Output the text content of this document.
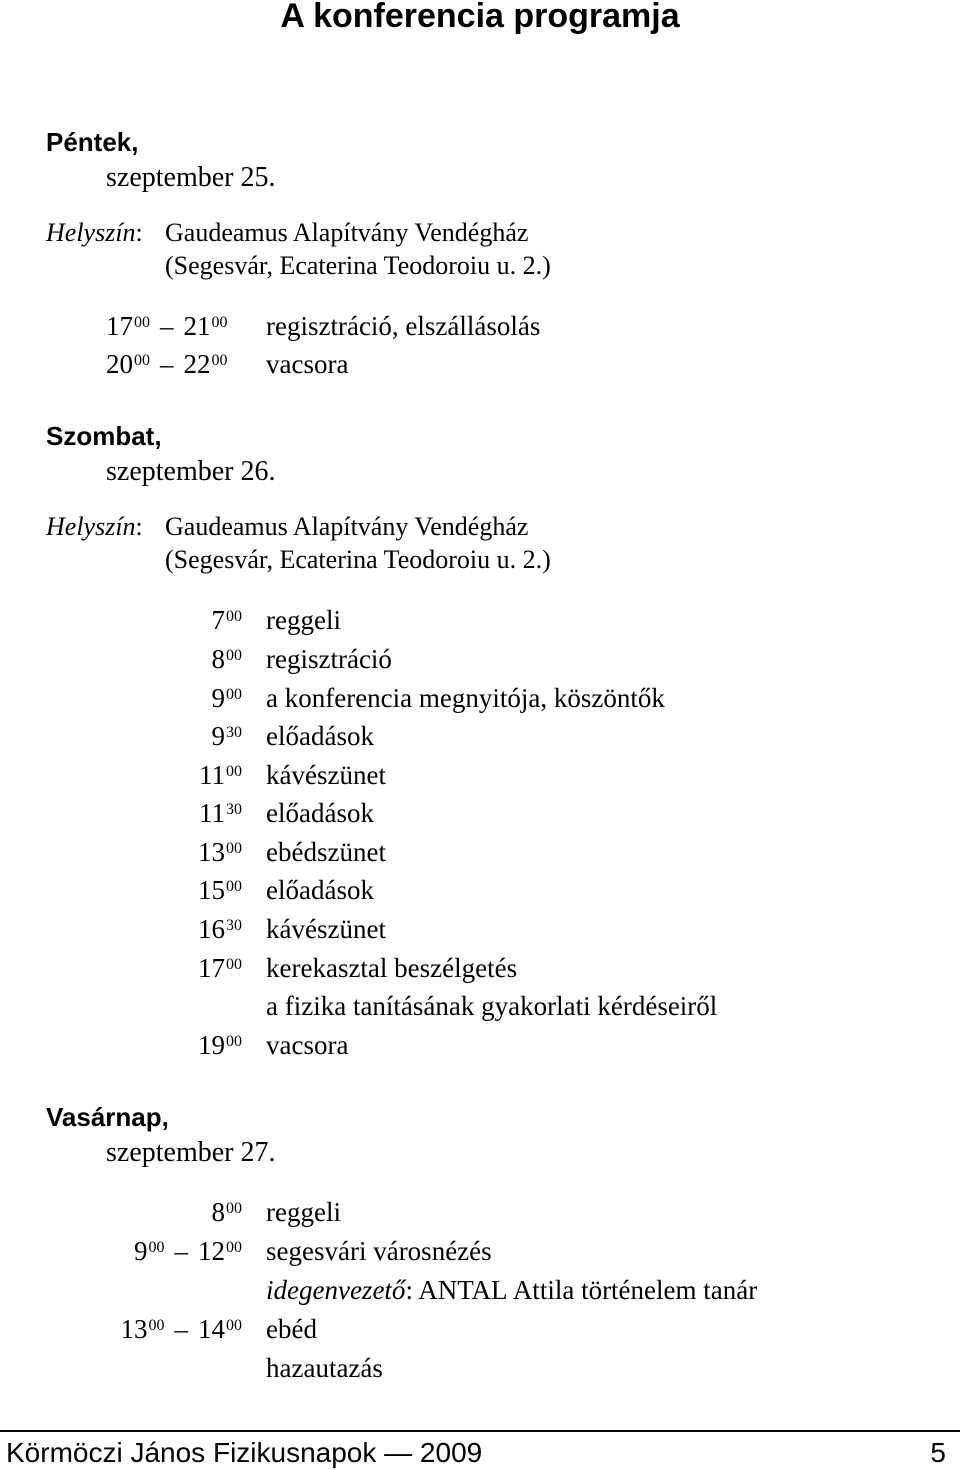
A konferencia programja
Péntek,
szeptember 25.
Helyszín: Gaudeamus Alapítvány Vendégház
(Segesvár, Ecaterina Teodoroiu u. 2.)
$17^{00} - 21^{00}$ regisztráció, elszállásolás
$20^{00} - 22^{00}$ vacsora
Szombat,
szeptember 26.
Helyszín: Gaudeamus Alapítvány Vendégház
(Segesvár, Ecaterina Teodoroiu u. 2.)
$7^{00}$ reggeli
$8^{00}$ regisztráció
$9^{00}$ a konferencia megnyitója, köszöntők
$9^{30}$ előadások
$11^{00}$ kávészünet
$11^{30}$ előadások
$13^{00}$ ebédszünet
$15^{00}$ előadások
$16^{30}$ kávészünet
$17^{00}$ kerekasztal beszélgetés
a fizika tanításának gyakorlati kérdéseiről
$19^{00}$ vacsora
Vasárnap,
szeptember 27.
$8^{00}$ reggeli
$9^{00} - 12^{00}$ segesvári városnézés
idegenvezető: ANTAL Attila történelem tanár
$13^{00} - 14^{00}$ ebéd
hazautazás
Körmöczi János Fizikusnapok — 2009	5
